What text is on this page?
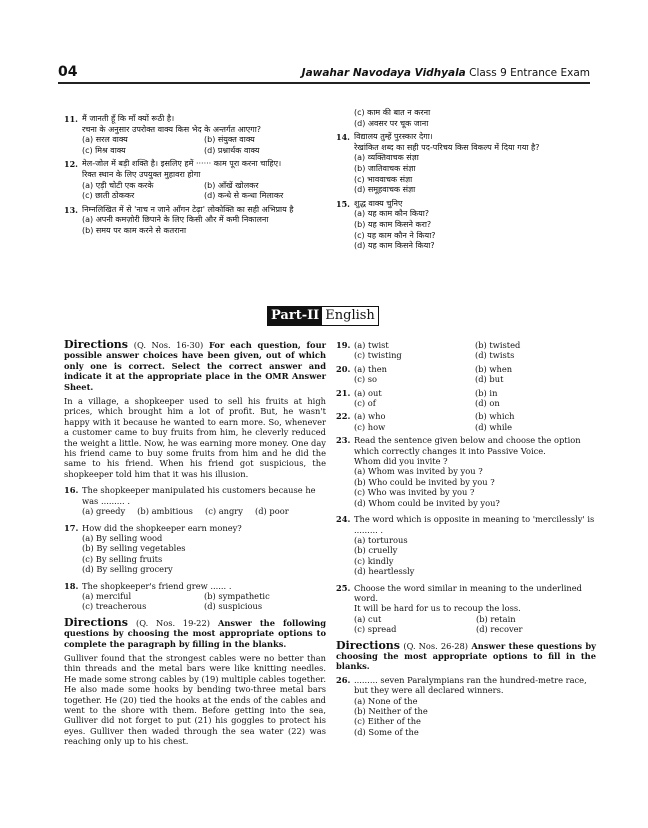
04	Jawahar Navodaya Vidhyala Class 9 Entrance Exam
11. मैं जानती हूँ कि माँ क्यों रूठी है।
रचना के अनुसार उपरोक्त वाक्य किस भेद के अन्तर्गत आएगा?
(a) सरल वाक्य	(b) संयुक्त वाक्य
(c) मिश्र वाक्य	(d) प्रश्नार्थक वाक्य
12. मेल-जोल में बड़ी शक्ति है। इसलिए हमें ······ काम पूरा करना चाहिए।
रिक्त स्थान के लिए उपयुक्त मुहावरा होगा
(a) एड़ी चोटी एक करके	(b) आँखें खोलकर
(c) छाती ठोककर	(d) कन्धे से कन्धा मिलाकर
13. निम्नलिखित में से 'नाच न जाने आँगन टेढ़ा' लोकोक्ति का सही अभिप्राय है
(a) अपनी कमज़ोरी छिपाने के लिए किसी और में कमी निकालना
(b) समय पर काम करने से कतराना
(c) काम की बात न करना
(d) अवसर पर चूक जाना
14. विद्यालय तुम्हें पुरस्कार देगा।
रेखांकित शब्द का सही पद-परिचय किस विकल्प में दिया गया है?
(a) व्यक्तिवाचक संज्ञा
(b) जातिवाचक संज्ञा
(c) भाववाचक संज्ञा
(d) समूहवाचक संज्ञा
15. शुद्ध वाक्य चुनिए
(a) यह काम कौन किया?
(b) यह काम किसने करा?
(c) यह काम कौन ने किया?
(d) यह काम किसने किया?
Part-II English
Directions (Q. Nos. 16-30) For each question, four possible answer choices have been given, out of which only one is correct. Select the correct answer and indicate it at the appropriate place in the OMR Answer Sheet.
In a village, a shopkeeper used to sell his fruits at high prices, which brought him a lot of profit. But, he wasn't happy with it because he wanted to earn more. So, whenever a customer came to buy fruits from him, he cleverly reduced the weight a little. Now, he was earning more money. One day his friend came to buy some fruits from him and he did the same to his friend. When his friend got suspicious, the shopkeeper told him that it was his illusion.
16. The shopkeeper manipulated his customers because he was ......... .
(a) greedy (b) ambitious (c) angry (d) poor
17. How did the shopkeeper earn money?
(a) By selling wood
(b) By selling vegetables
(c) By selling fruits
(d) By selling grocery
18. The shopkeeper's friend grew ...... .
(a) merciful	(b) sympathetic
(c) treacherous	(d) suspicious
Directions (Q. Nos. 19-22) Answer the following questions by choosing the most appropriate options to complete the paragraph by filling in the blanks.
Gulliver found that the strongest cables were no better than thin threads and the metal bars were like knitting needles. He made some strong cables by (19) multiple cables together. He also made some hooks by bending two-three metal bars together. He (20) tied the hooks at the ends of the cables and went to the shore with them. Before getting into the sea, Gulliver did not forget to put (21) his goggles to protect his eyes. Gulliver then waded through the sea water (22) was reaching only up to his chest.
19. (a) twist	(b) twisted
(c) twisting	(d) twists
20. (a) then	(b) when
(c) so	(d) but
21. (a) out	(b) in
(c) of	(d) on
22. (a) who	(b) which
(c) how	(d) while
23. Read the sentence given below and choose the option which correctly changes it into Passive Voice.
Whom did you invite ?
(a) Whom was invited by you ?
(b) Who could be invited by you ?
(c) Who was invited by you ?
(d) Whom could be invited by you?
24. The word which is opposite in meaning to 'mercilessly' is ......... .
(a) torturous
(b) cruelly
(c) kindly
(d) heartlessly
25. Choose the word similar in meaning to the underlined word.
It will be hard for us to recoup the loss.
(a) cut	(b) retain
(c) spread	(d) recover
Directions (Q. Nos. 26-28) Answer these questions by choosing the most appropriate options to fill in the blanks.
26. ......... seven Paralympians ran the hundred-metre race, but they were all declared winners.
(a) None of the
(b) Neither of the
(c) Either of the
(d) Some of the
